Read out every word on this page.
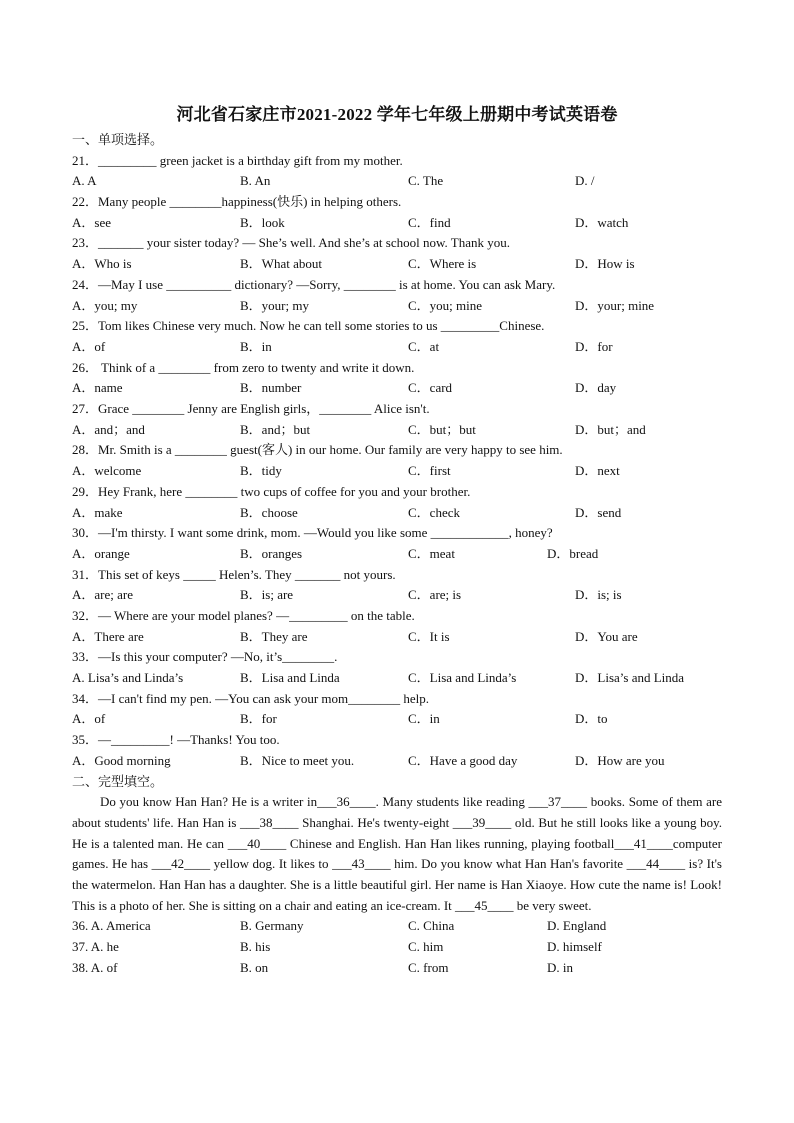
河北省石家庄市2021-2022 学年七年级上册期中考试英语卷
一、单项选择。
21．_________ green jacket is a birthday gift from my mother.
A. A	B. An	C. The	D. /
22．Many people ________happiness(快乐) in helping others.
A．see	B．look	C．find	D．watch
23．_______ your sister today? — She’s well. And she’s at school now. Thank you.
A．Who is	B．What about	C．Where is	D．How is
24．—May I use __________ dictionary? —Sorry, ________ is at home. You can ask Mary.
A．you; my	B．your; my	C．you; mine	D．your; mine
25．Tom likes Chinese very much. Now he can tell some stories to us _________Chinese.
A．of	B．in	C．at	D．for
26． Think of a ________ from zero to twenty and write it down.
A．name	B．number	C．card	D．day
27．Grace ________ Jenny are English girls，________ Alice isn't.
A．and；and	B．and；but	C．but；but	D．but；and
28．Mr. Smith is a ________ guest(客人) in our home. Our family are very happy to see him.
A．welcome	B．tidy	C．first	D．next
29．Hey Frank, here ________ two cups of coffee for you and your brother.
A．make	B．choose	C．check	D．send
30．—I'm thirsty. I want some drink, mom. —Would you like some ____________, honey?
A．orange	B．oranges	C．meat	D．bread
31．This set of keys _____ Helen’s. They _______ not yours.
A．are; are	B．is; are	C．are; is	D．is; is
32．— Where are your model planes? —_________ on the table.
A．There are	B．They are	C．It is	D．You are
33．—Is this your computer? —No, it’s________.
A. Lisa’s and Linda’s	B．Lisa and Linda	C．Lisa and Linda’s	D．Lisa’s and Linda
34．—I can't find my pen. —You can ask your mom________ help.
A．of	B．for	C．in	D．to
35．—_________! —Thanks! You too.
A．Good morning	B．Nice to meet you.	C．Have a good day	D．How are you
二、完型填空。

Do you know Han Han? He is a writer in___36____. Many students like reading ___37____ books. Some of them are about students' life. Han Han is ___38____ Shanghai. He's twenty-eight ___39____ old. But he still looks like a young boy. He is a talented man. He can ___40____ Chinese and English. Han Han likes running, playing football___41____computer games. He has ___42____ yellow dog. It likes to ___43____ him. Do you know what Han Han's favorite ___44____ is? It's the watermelon. Han Han has a daughter. She is a little beautiful girl. Her name is Han Xiaoye. How cute the name is! Look! This is a photo of her. She is sitting on a chair and eating an ice-cream. It ___45____ be very sweet.

36. A. America	B. Germany	C. China	D. England
37. A. he	B. his	C. him	D. himself
38. A. of	B. on	C. from	D. in
